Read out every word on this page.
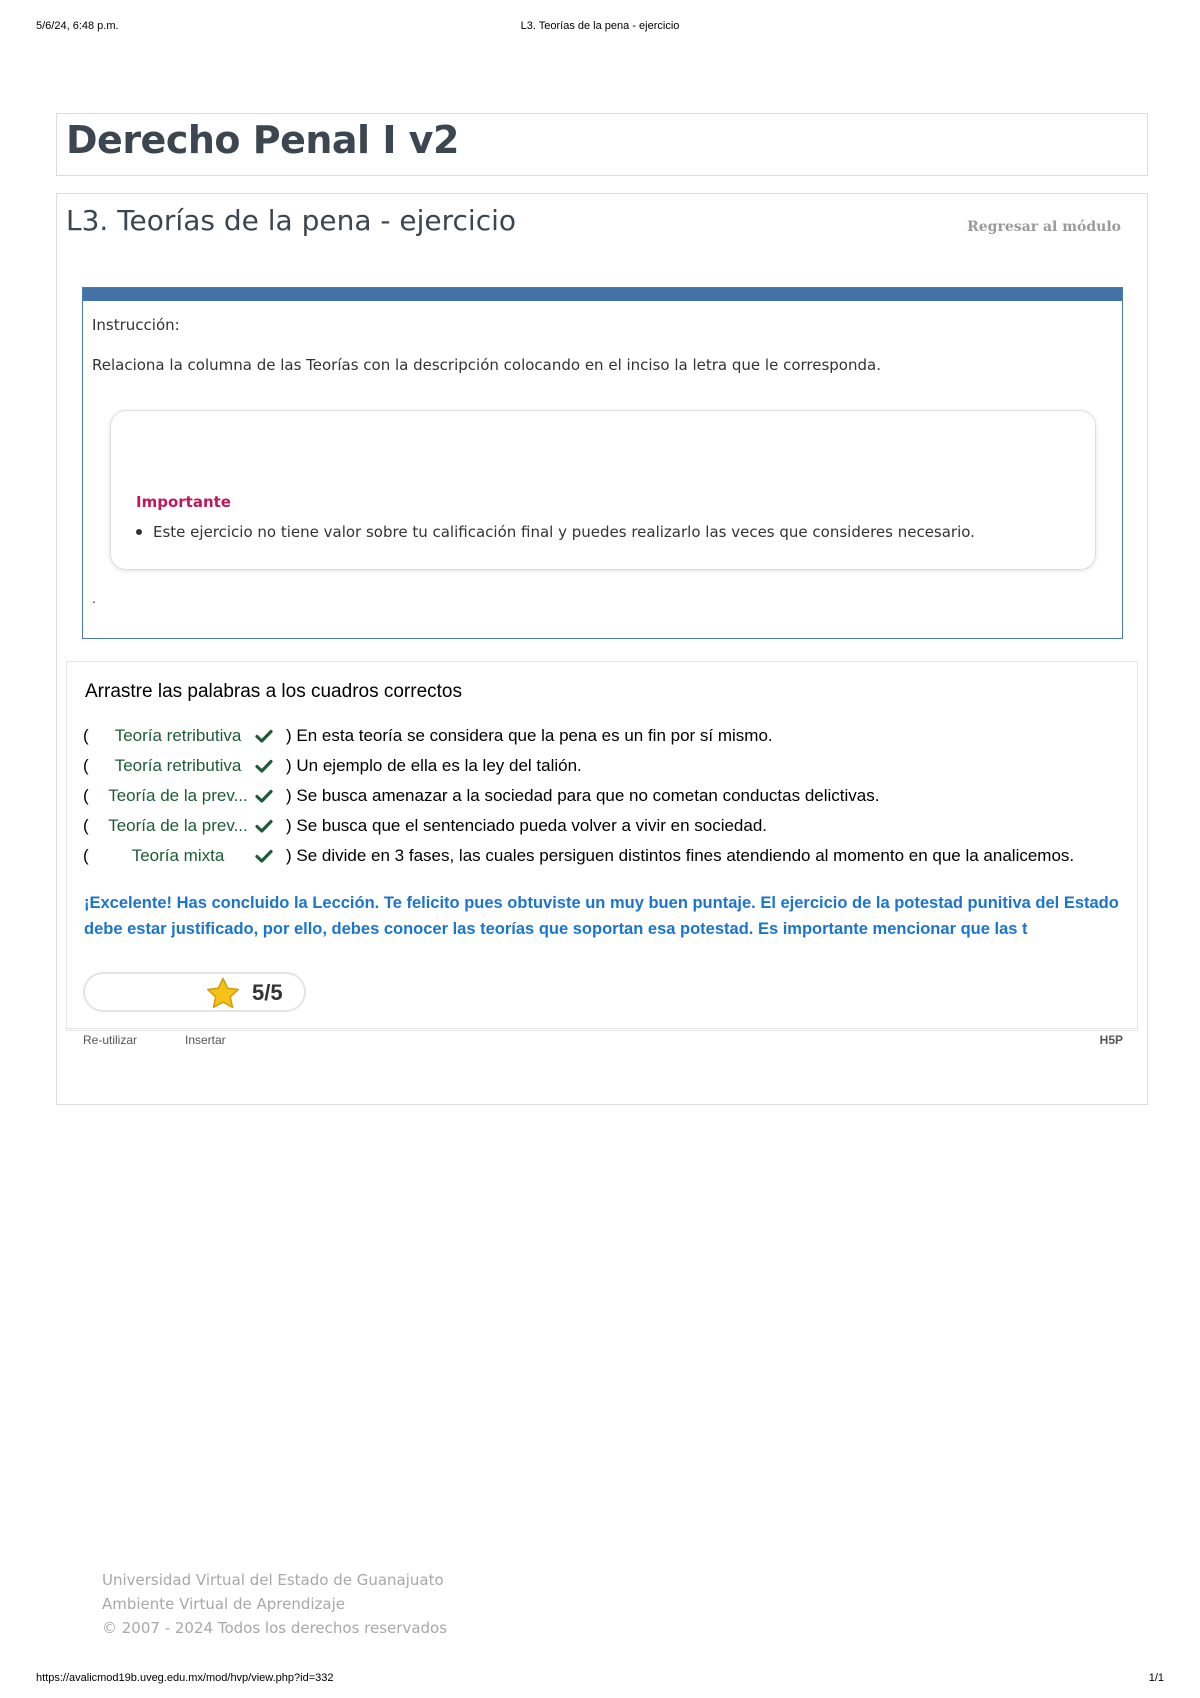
5/6/24, 6:48 p.m.	L3. Teorías de la pena - ejercicio
Derecho Penal I v2
L3. Teorías de la pena - ejercicio	Regresar al módulo
Instrucción:
Relaciona la columna de las Teorías con la descripción colocando en el inciso la letra que le corresponda.
Importante
Este ejercicio no tiene valor sobre tu calificación final y puedes realizarlo las veces que consideres necesario.
.
Arrastre las palabras a los cuadros correctos
(	Teoría retributiva	) En esta teoría se considera que la pena es un fin por sí mismo.
(	Teoría retributiva	) Un ejemplo de ella es la ley del talión.
(	Teoría de la prev...	) Se busca amenazar a la sociedad para que no cometan conductas delictivas.
(	Teoría de la prev...	) Se busca que el sentenciado pueda volver a vivir en sociedad.
(	Teoría mixta	) Se divide en 3 fases, las cuales persiguen distintos fines atendiendo al momento en que la analicemos.
¡Excelente! Has concluido la Lección. Te felicito pues obtuviste un muy buen puntaje. El ejercicio de la potestad punitiva del Estado debe estar justificado, por ello, debes conocer las teorías que soportan esa potestad. Es importante mencionar que las t
5/5
Re-utilizar	Insertar	H5P
Universidad Virtual del Estado de Guanajuato
Ambiente Virtual de Aprendizaje
© 2007 - 2024 Todos los derechos reservados
https://avalicmod19b.uveg.edu.mx/mod/hvp/view.php?id=332	1/1
